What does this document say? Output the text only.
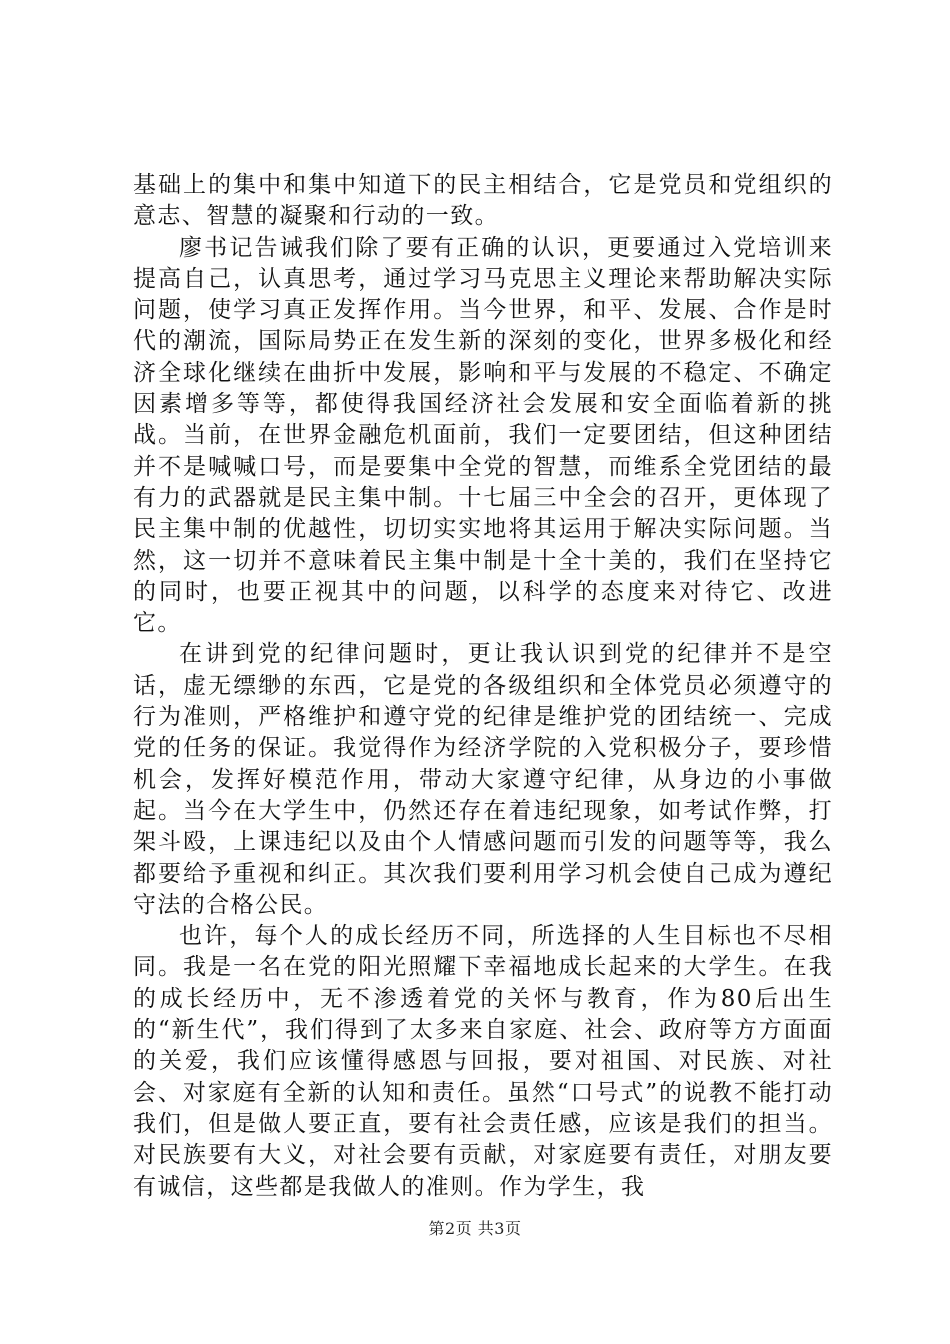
基础上的集中和集中知道下的民主相结合，它是党员和党组织的意志、智慧的凝聚和行动的一致。

廖书记告诫我们除了要有正确的认识，更要通过入党培训来提高自己，认真思考，通过学习马克思主义理论来帮助解决实际问题，使学习真正发挥作用。当今世界，和平、发展、合作是时代的潮流，国际局势正在发生新的深刻的变化，世界多极化和经济全球化继续在曲折中发展，影响和平与发展的不稳定、不确定因素增多等等，都使得我国经济社会发展和安全面临着新的挑战。当前，在世界金融危机面前，我们一定要团结，但这种团结并不是喊喊口号，而是要集中全党的智慧，而维系全党团结的最有力的武器就是民主集中制。十七届三中全会的召开，更体现了民主集中制的优越性，切切实实地将其运用于解决实际问题。当然，这一切并不意味着民主集中制是十全十美的，我们在坚持它的同时，也要正视其中的问题，以科学的态度来对待它、改进它。

在讲到党的纪律问题时，更让我认识到党的纪律并不是空话，虚无缥缈的东西，它是党的各级组织和全体党员必须遵守的行为准则，严格维护和遵守党的纪律是维护党的团结统一、完成党的任务的保证。我觉得作为经济学院的入党积极分子，要珍惜机会，发挥好模范作用，带动大家遵守纪律，从身边的小事做起。当今在大学生中，仍然还存在着违纪现象，如考试作弊，打架斗殴，上课违纪以及由个人情感问题而引发的问题等等，我么都要给予重视和纠正。其次我们要利用学习机会使自己成为遵纪守法的合格公民。

也许，每个人的成长经历不同，所选择的人生目标也不尽相同。我是一名在党的阳光照耀下幸福地成长起来的大学生。在我的成长经历中，无不渗透着党的关怀与教育，作为80后出生的“新生代”，我们得到了太多来自家庭、社会、政府等方方面面的关爱，我们应该懂得感恩与回报，要对祖国、对民族、对社会、对家庭有全新的认知和责任。虽然“口号式”的说教不能打动我们，但是做人要正直，要有社会责任感，应该是我们的担当。对民族要有大义，对社会要有贡献，对家庭要有责任，对朋友要有诚信，这些都是我做人的准则。作为学生，我

第2页 共3页
